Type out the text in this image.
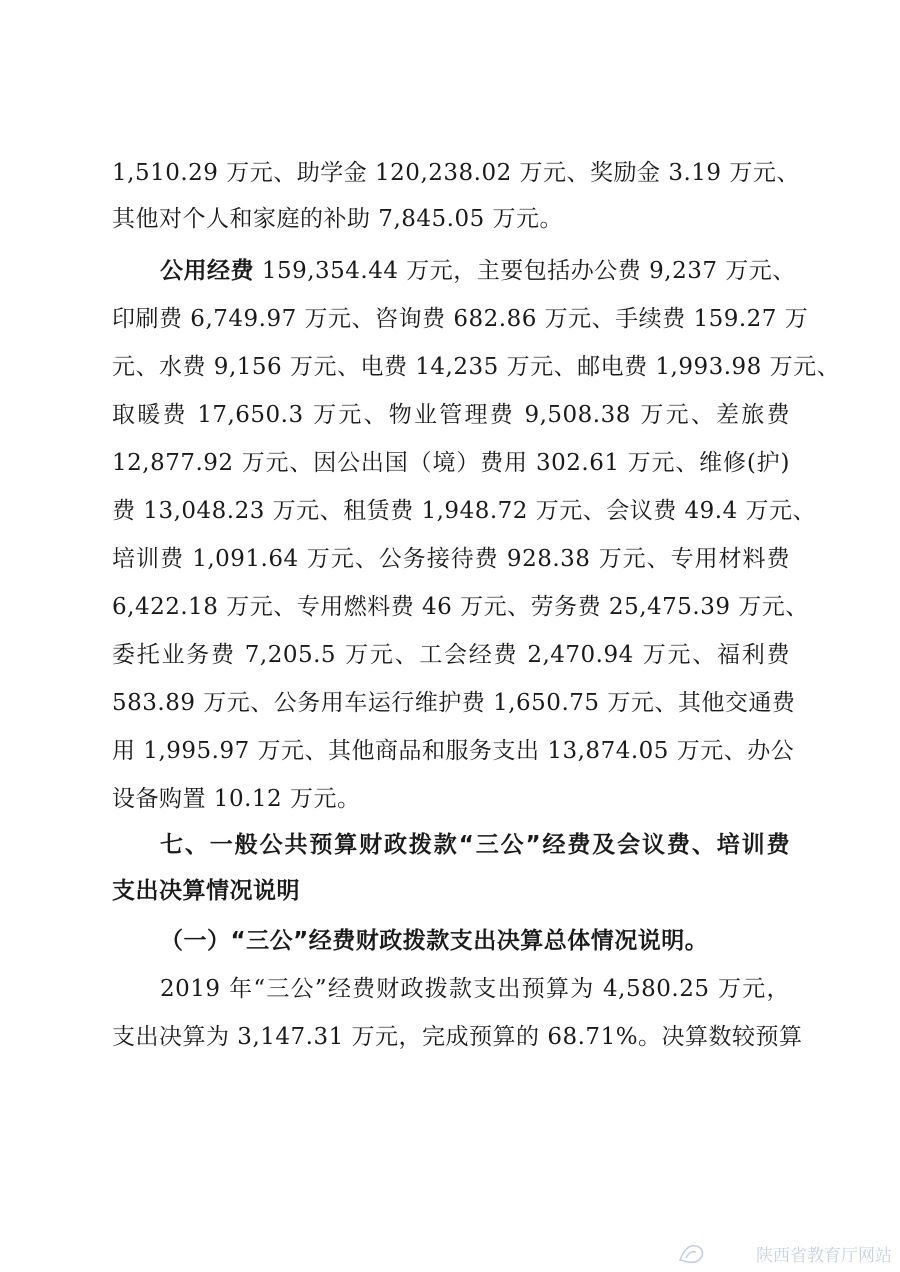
1,510.29 万元、助学金 120,238.02 万元、奖励金 3.19 万元、
其他对个人和家庭的补助 7,845.05 万元。
公用经费 159,354.44 万元，主要包括办公费 9,237 万元、
印刷费 6,749.97 万元、咨询费 682.86 万元、手续费 159.27 万
元、水费 9,156 万元、电费 14,235 万元、邮电费 1,993.98 万元、
取暖费 17,650.3 万元、物业管理费 9,508.38 万元、差旅费
12,877.92 万元、因公出国（境）费用 302.61 万元、维修(护)
费 13,048.23 万元、租赁费 1,948.72 万元、会议费 49.4 万元、
培训费 1,091.64 万元、公务接待费 928.38 万元、专用材料费
6,422.18 万元、专用燃料费 46 万元、劳务费 25,475.39 万元、
委托业务费 7,205.5 万元、工会经费 2,470.94 万元、福利费
583.89 万元、公务用车运行维护费 1,650.75 万元、其他交通费
用 1,995.97 万元、其他商品和服务支出 13,874.05 万元、办公
设备购置 10.12 万元。
七、一般公共预算财政拨款“三公”经费及会议费、培训费
支出决算情况说明
（一）“三公”经费财政拨款支出决算总体情况说明。
2019 年“三公”经费财政拨款支出预算为 4,580.25 万元，
支出决算为 3,147.31 万元，完成预算的 68.71%。决算数较预算
陕西省教育厅网站
